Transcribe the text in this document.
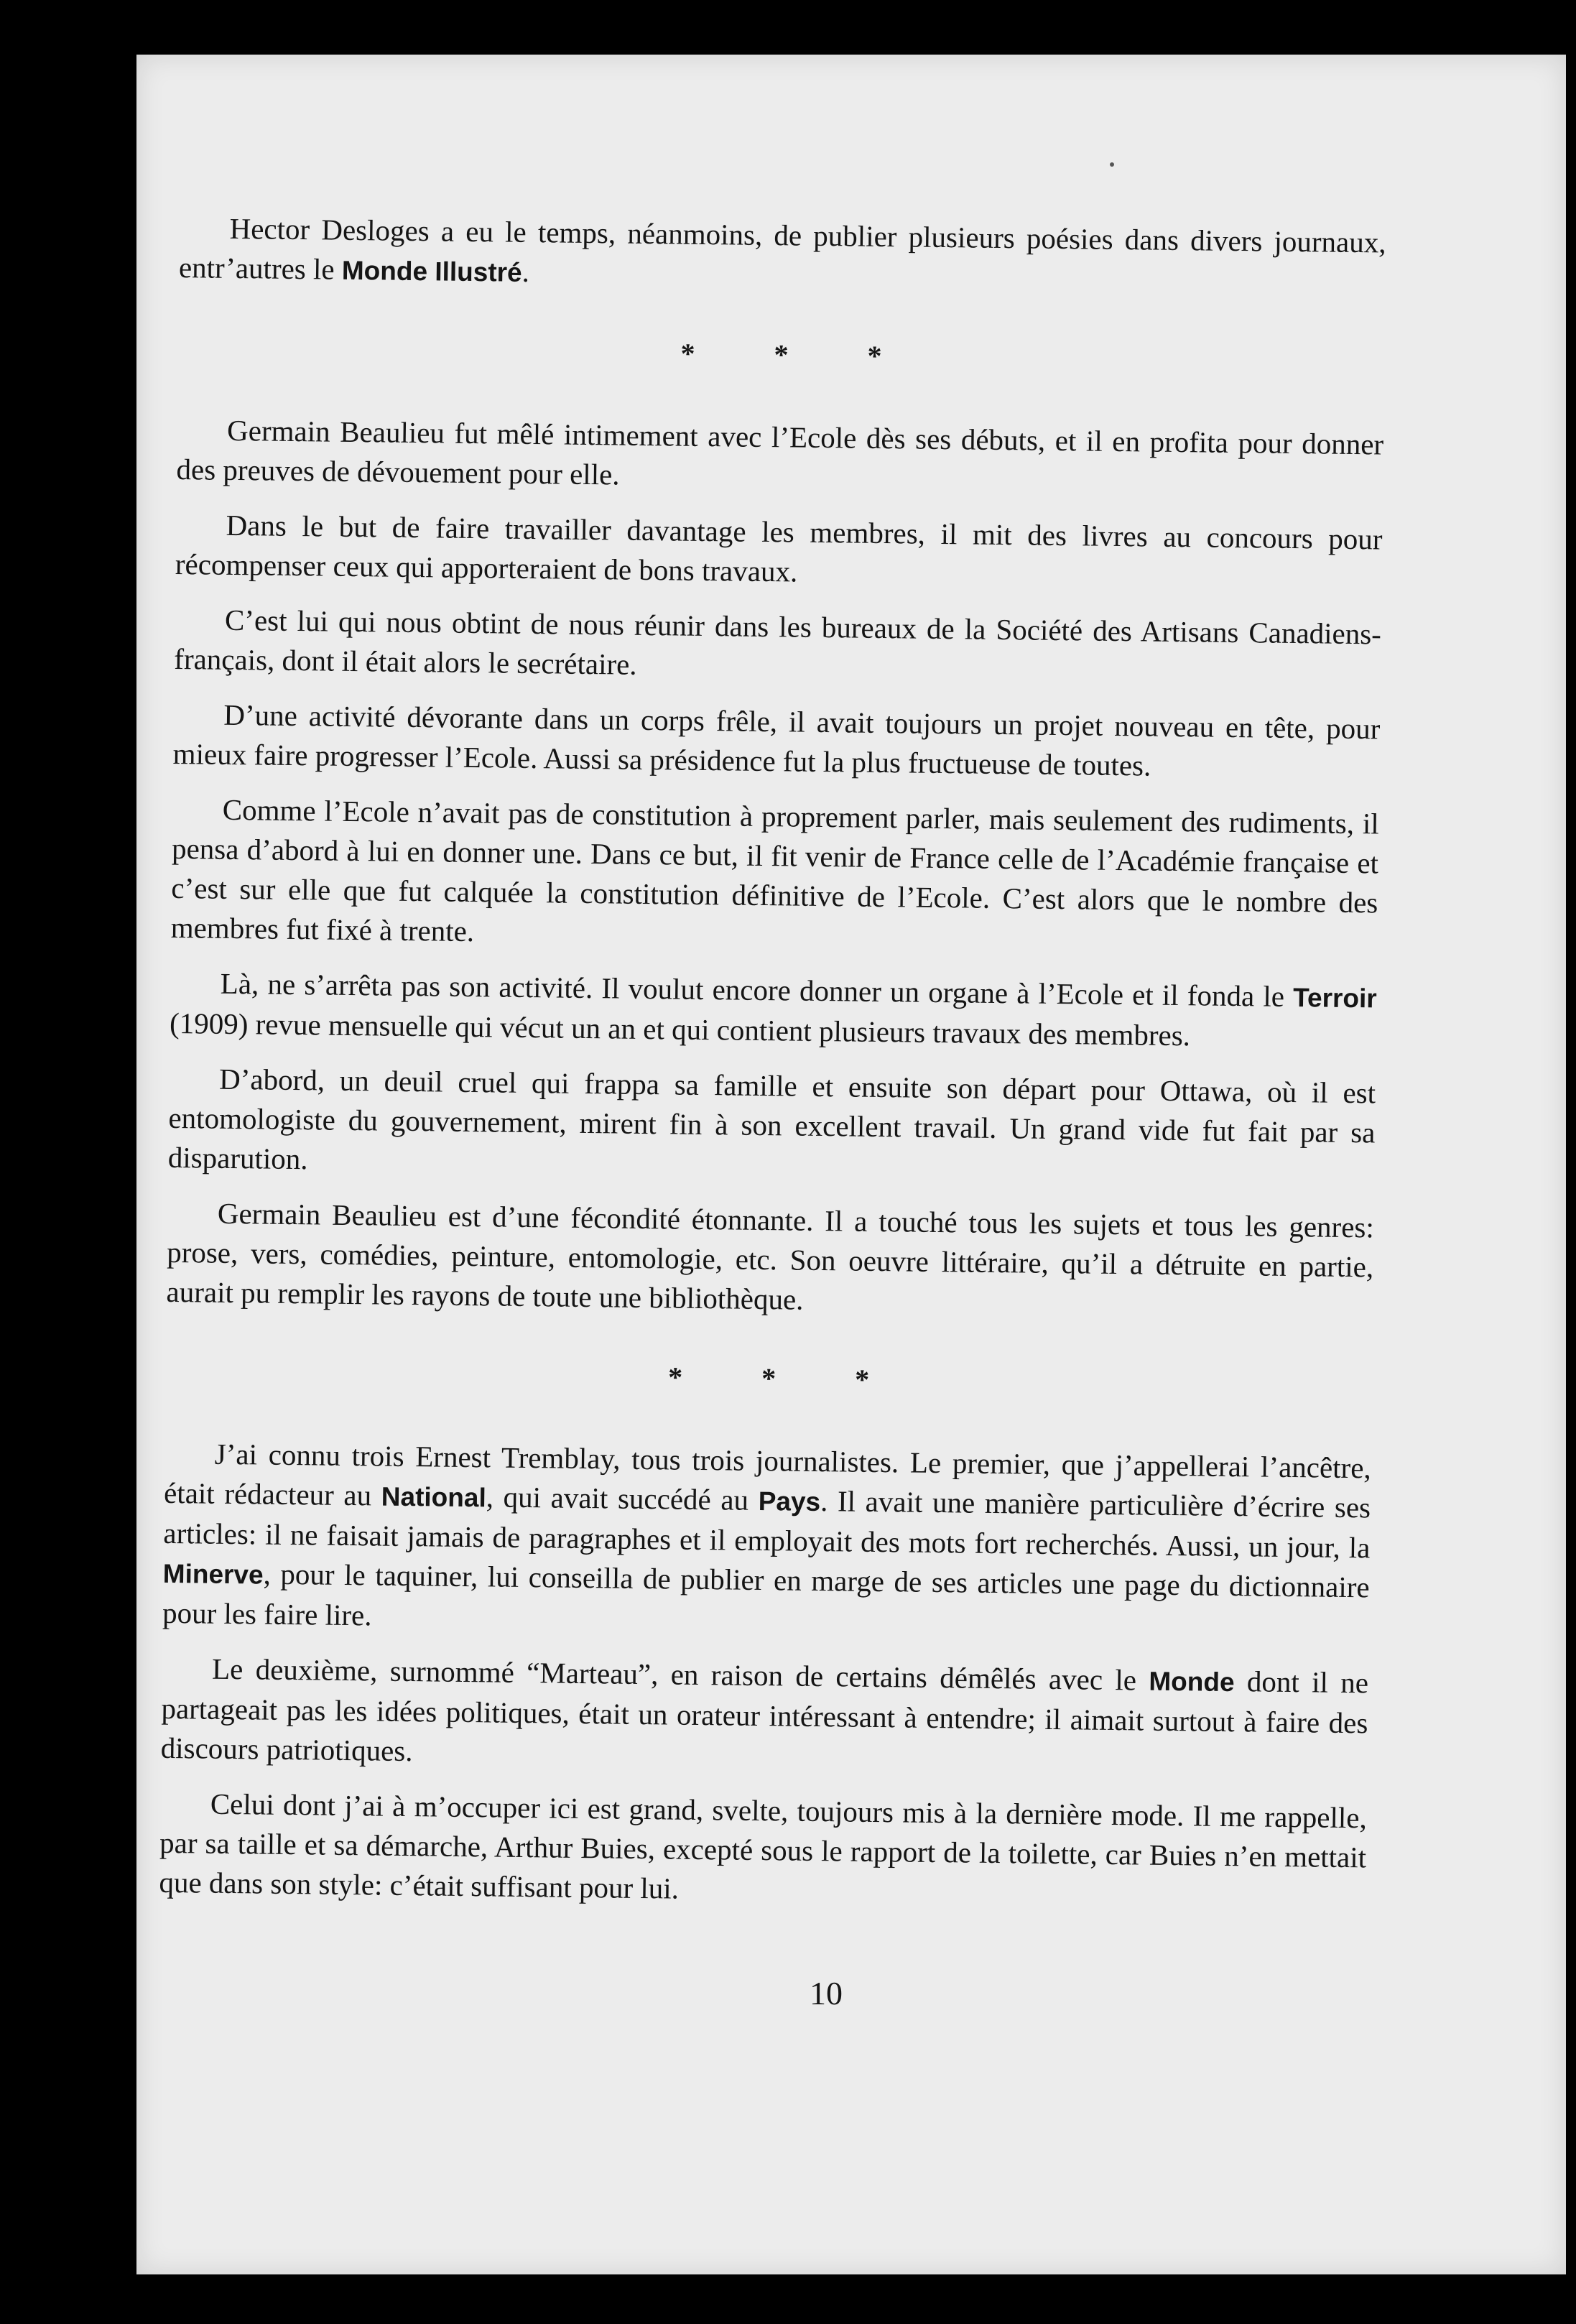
Hector Desloges a eu le temps, néanmoins, de publier plusieurs poésies dans divers journaux, entr’autres le Monde Illustré.

* * *

Germain Beaulieu fut mêlé intimement avec l’Ecole dès ses débuts, et il en profita pour donner des preuves de dévouement pour elle.

Dans le but de faire travailler davantage les membres, il mit des livres au concours pour récompenser ceux qui apporteraient de bons travaux.

C’est lui qui nous obtint de nous réunir dans les bureaux de la Société des Artisans Canadiens-français, dont il était alors le secrétaire.

D’une activité dévorante dans un corps frêle, il avait toujours un projet nouveau en tête, pour mieux faire progresser l’Ecole. Aussi sa présidence fut la plus fructueuse de toutes.

Comme l’Ecole n’avait pas de constitution à proprement parler, mais seulement des rudiments, il pensa d’abord à lui en donner une. Dans ce but, il fit venir de France celle de l’Académie française et c’est sur elle que fut calquée la constitution définitive de l’Ecole. C’est alors que le nombre des membres fut fixé à trente.

Là, ne s’arrêta pas son activité. Il voulut encore donner un organe à l’Ecole et il fonda le Terroir (1909) revue mensuelle qui vécut un an et qui contient plusieurs travaux des membres.

D’abord, un deuil cruel qui frappa sa famille et ensuite son départ pour Ottawa, où il est entomologiste du gouvernement, mirent fin à son excellent travail. Un grand vide fut fait par sa disparution.

Germain Beaulieu est d’une fécondité étonnante. Il a touché tous les sujets et tous les genres: prose, vers, comédies, peinture, entomologie, etc. Son oeuvre littéraire, qu’il a détruite en partie, aurait pu remplir les rayons de toute une bibliothèque.

* * *

J’ai connu trois Ernest Tremblay, tous trois journalistes. Le premier, que j’appellerai l’ancêtre, était rédacteur au National, qui avait succédé au Pays. Il avait une manière particulière d’écrire ses articles: il ne faisait jamais de paragraphes et il employait des mots fort recherchés. Aussi, un jour, la Minerve, pour le taquiner, lui conseilla de publier en marge de ses articles une page du dictionnaire pour les faire lire.

Le deuxième, surnommé “Marteau”, en raison de certains démêlés avec le Monde dont il ne partageait pas les idées politiques, était un orateur intéressant à entendre; il aimait surtout à faire des discours patriotiques.

Celui dont j’ai à m’occuper ici est grand, svelte, toujours mis à la dernière mode. Il me rappelle, par sa taille et sa démarche, Arthur Buies, excepté sous le rapport de la toilette, car Buies n’en mettait que dans son style: c’était suffisant pour lui.

10
